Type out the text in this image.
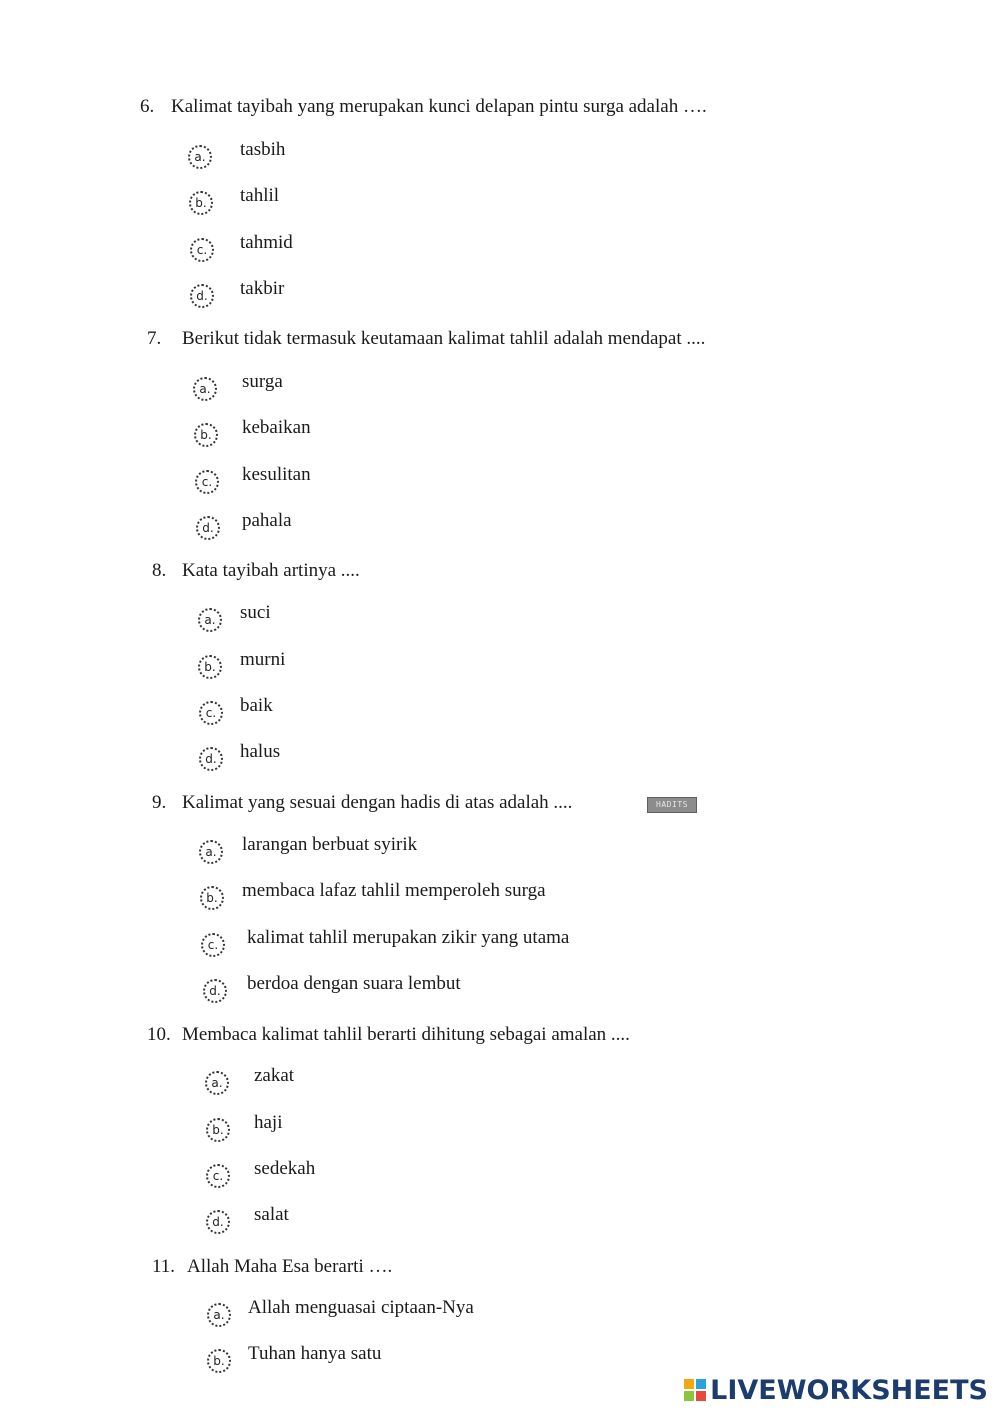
6. Kalimat tayibah yang merupakan kunci delapan pintu surga adalah ….
a.	tasbih
b.	tahlil
c.	tahmid
d.	takbir
7. Berikut tidak termasuk keutamaan kalimat tahlil adalah mendapat ....
a.	surga
b.	kebaikan
c.	kesulitan
d.	pahala
8. Kata tayibah artinya ....
a.	suci
b.	murni
c.	baik
d.	halus
9. Kalimat yang sesuai dengan hadis di atas adalah ....	HADITS
a.	larangan berbuat syirik
b.	membaca lafaz tahlil memperoleh surga
c.	kalimat tahlil merupakan zikir yang utama
d.	berdoa dengan suara lembut
10. Membaca kalimat tahlil berarti dihitung sebagai amalan ....
a.	zakat
b.	haji
c.	sedekah
d.	salat
11. Allah Maha Esa berarti ….
a.	Allah menguasai ciptaan-Nya
b.	Tuhan hanya satu
LIVEWORKSHEETS
